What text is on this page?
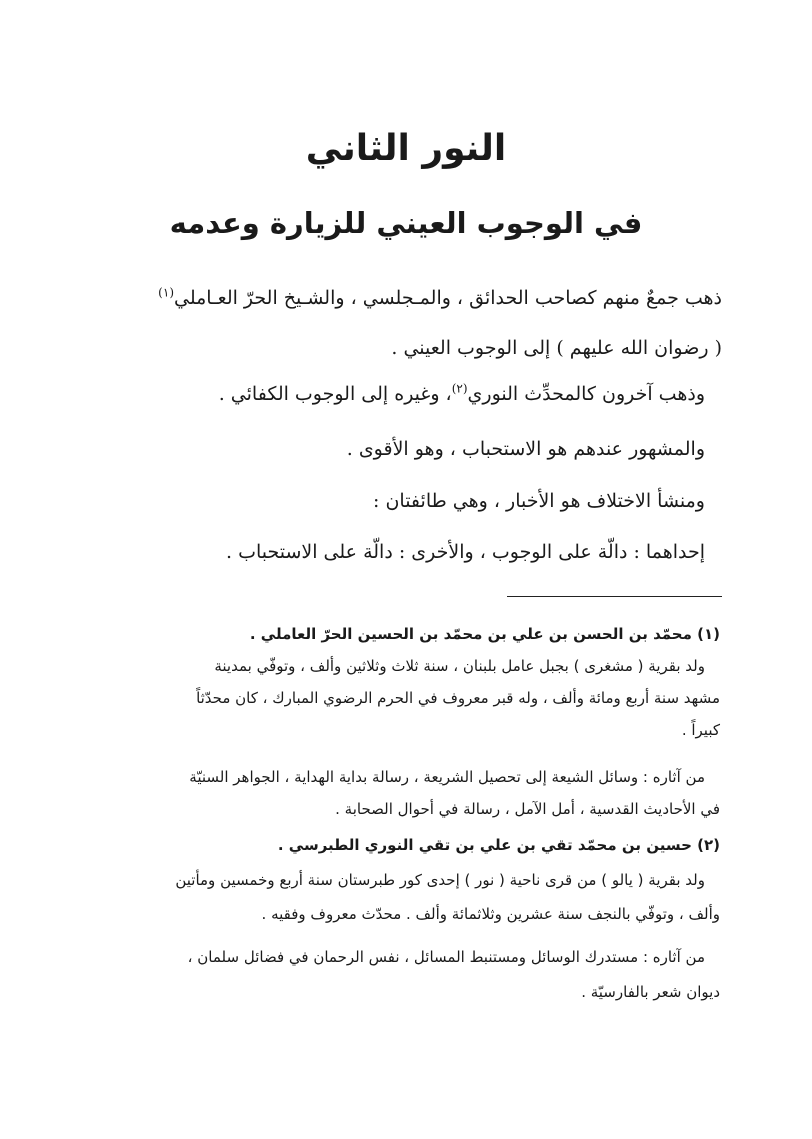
النور الثاني
في الوجوب العيني للزيارة وعدمه
ذهب جمعٌ منهم كصاحب الحدائق ، والمـجلسي ، والشـيخ الحرّ العـاملي$^{(١)}$
( رضوان الله عليهم ) إلى الوجوب العيني .
وذهب آخرون كالمحدِّث النوري$^{(٢)}$، وغيره إلى الوجوب الكفائي .
والمشهور عندهم هو الاستحباب ، وهو الأقوى .
ومنشأ الاختلاف هو الأخبار ، وهي طائفتان :
إحداهما : دالّة على الوجوب ، والأخرى : دالّة على الاستحباب .
(١) محمّد بن الحسن بن علي بن محمّد بن الحسين الحرّ العاملي .
ولد بقرية ( مشغرى ) بجبل عامل بلبنان ، سنة ثلاث وثلاثين وألف ، وتوفّي بمدينة
مشهد سنة أربع ومائة وألف ، وله قبر معروف في الحرم الرضوي المبارك ، كان محدّثاً
كبيراً .
من آثاره : وسائل الشيعة إلى تحصيل الشريعة ، رسالة بداية الهداية ، الجواهر السنيّة
في الأحاديث القدسية ، أمل الآمل ، رسالة في أحوال الصحابة .
(٢) حسين بن محمّد تقي بن علي بن تقي النوري الطبرسي .
ولد بقرية ( يالو ) من قرى ناحية ( نور ) إحدى كور طبرستان سنة أربع وخمسين ومأتين
وألف ، وتوفّي بالنجف سنة عشرين وثلاثمائة وألف . محدّث معروف وفقيه .
من آثاره : مستدرك الوسائل ومستنبط المسائل ، نفس الرحمان في فضائل سلمان ،
ديوان شعر بالفارسيّة .
